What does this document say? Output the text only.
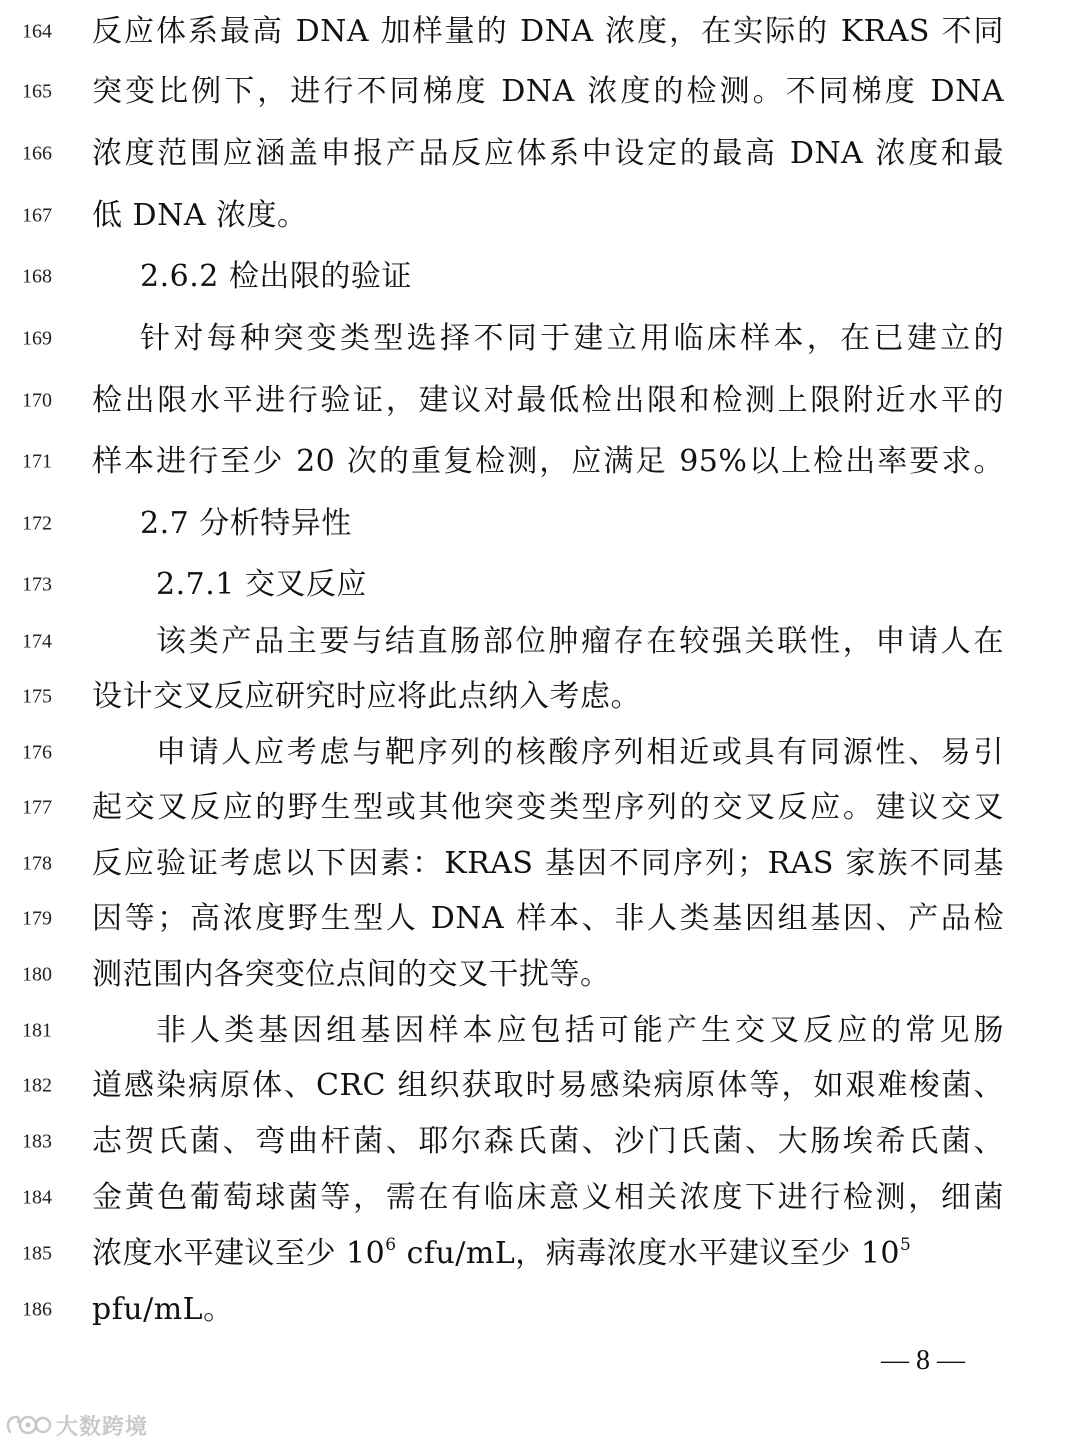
164	反应体系最高 DNA 加样量的 DNA 浓度，在实际的 KRAS 不同
165	突变比例下，进行不同梯度 DNA 浓度的检测。不同梯度 DNA
166	浓度范围应涵盖申报产品反应体系中设定的最高 DNA 浓度和最
167	低 DNA 浓度。
168	2.6.2 检出限的验证
169	针对每种突变类型选择不同于建立用临床样本，在已建立的
170	检出限水平进行验证，建议对最低检出限和检测上限附近水平的
171	样本进行至少 20 次的重复检测，应满足 95%以上检出率要求。
172	2.7 分析特异性
173	2.7.1 交叉反应
174	该类产品主要与结直肠部位肿瘤存在较强关联性，申请人在
175	设计交叉反应研究时应将此点纳入考虑。
176	申请人应考虑与靶序列的核酸序列相近或具有同源性、易引
177	起交叉反应的野生型或其他突变类型序列的交叉反应。建议交叉
178	反应验证考虑以下因素：KRAS 基因不同序列；RAS 家族不同基
179	因等；高浓度野生型人 DNA 样本、非人类基因组基因、产品检
180	测范围内各突变位点间的交叉干扰等。
181	非人类基因组基因样本应包括可能产生交叉反应的常见肠
182	道感染病原体、CRC 组织获取时易感染病原体等，如艰难梭菌、
183	志贺氏菌、弯曲杆菌、耶尔森氏菌、沙门氏菌、大肠埃希氏菌、
184	金黄色葡萄球菌等，需在有临床意义相关浓度下进行检测，细菌
185	浓度水平建议至少 $10^6$ cfu/mL，病毒浓度水平建议至少 $10^5$
186	pfu/mL。
— 8 —
大数跨境
